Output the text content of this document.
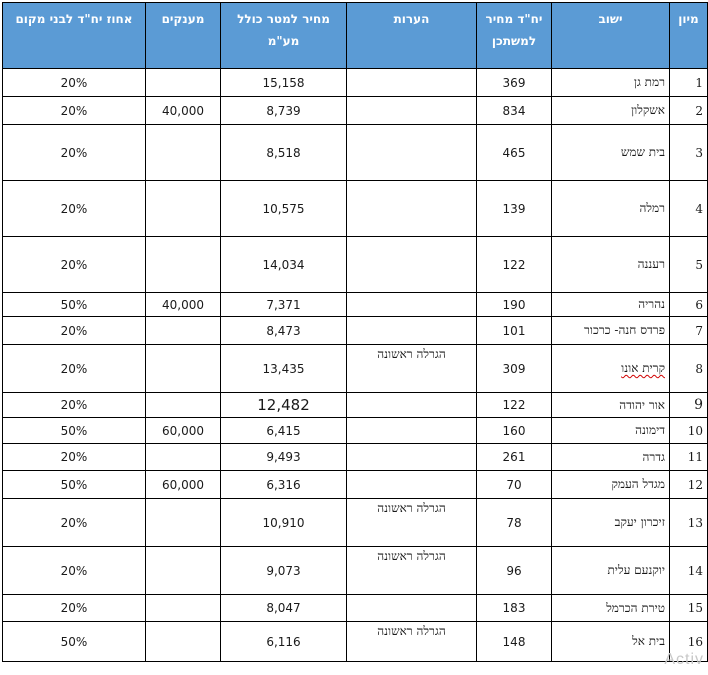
מיון	ישוב	יח"ד מחיר למשתכן	הערות	מחיר למטר כולל מע"מ	מענקים	אחוז יח"ד לבני מקום
1	רמת גן	369		15,158		20%
2	אשקלון	834		8,739	40,000	20%
3	בית שמש	465		8,518		20%
4	רמלה	139		10,575		20%
5	רעננה	122		14,034		20%
6	נהריה	190		7,371	40,000	50%
7	פרדס חנה- כרכור	101		8,473		20%
8	קרית אונו	309	הגרלה ראשונה	13,435		20%
9	אור יהודה	122		12,482		20%
10	דימונה	160		6,415	60,000	50%
11	גדרה	261		9,493		20%
12	מגדל העמק	70		6,316	60,000	50%
13	זיכרון יעקב	78	הגרלה ראשונה	10,910		20%
14	יוקנעם עלית	96	הגרלה ראשונה	9,073		20%
15	טירת הכרמל	183		8,047		20%
16	בית אל	148	הגרלה ראשונה	6,116		50%
Activ
